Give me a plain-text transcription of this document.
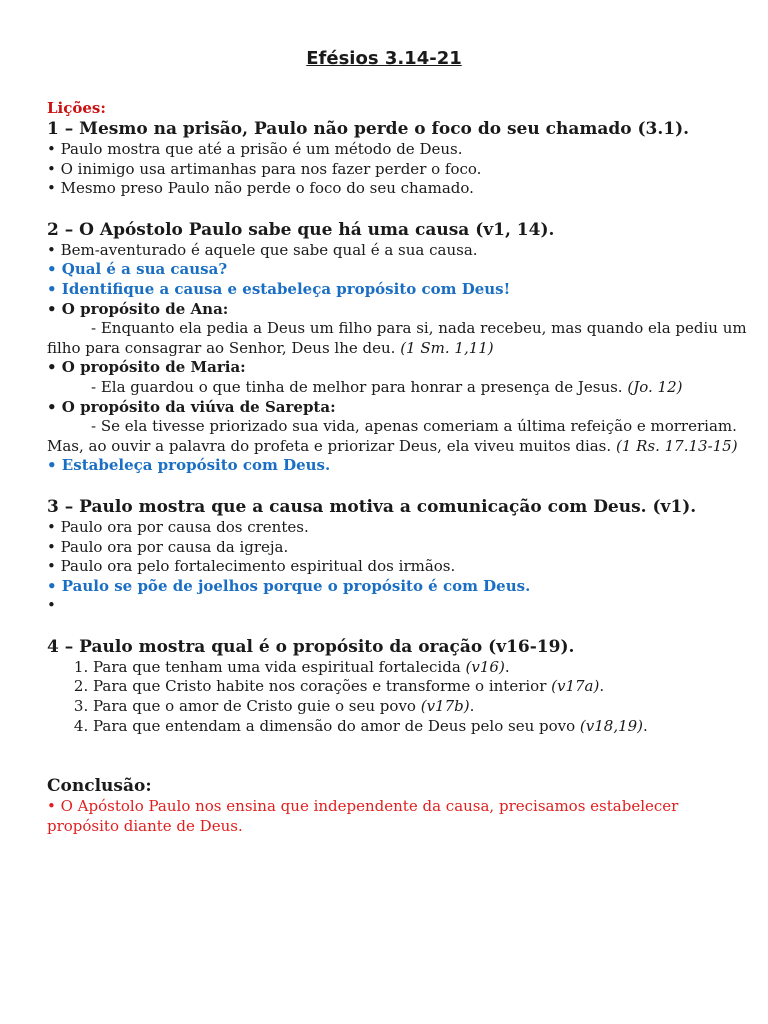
Efésios 3.14-21
Lições:
1 – Mesmo na prisão, Paulo não perde o foco do seu chamado (3.1).
• Paulo mostra que até a prisão é um método de Deus.
• O inimigo usa artimanhas para nos fazer perder o foco.
• Mesmo preso Paulo não perde o foco do seu chamado.
2 – O Apóstolo Paulo sabe que há uma causa (v1, 14).
• Bem-aventurado é aquele que sabe qual é a sua causa.
• Qual é a sua causa?
• Identifique a causa e estabeleça propósito com Deus!
• O propósito de Ana:
- Enquanto ela pedia a Deus um filho para si, nada recebeu, mas quando ela pediu um
filho para consagrar ao Senhor, Deus lhe deu. (1 Sm. 1,11)
• O propósito de Maria:
- Ela guardou o que tinha de melhor para honrar a presença de Jesus. (Jo. 12)
• O propósito da viúva de Sarepta:
- Se ela tivesse priorizado sua vida, apenas comeriam a última refeição e morreriam.
Mas, ao ouvir a palavra do profeta e priorizar Deus, ela viveu muitos dias. (1 Rs. 17.13-15)
• Estabeleça propósito com Deus.
3 – Paulo mostra que a causa motiva a comunicação com Deus. (v1).
• Paulo ora por causa dos crentes.
• Paulo ora por causa da igreja.
• Paulo ora pelo fortalecimento espiritual dos irmãos.
• Paulo se põe de joelhos porque o propósito é com Deus.
•
4 – Paulo mostra qual é o propósito da oração (v16-19).
1. Para que tenham uma vida espiritual fortalecida (v16).
2. Para que Cristo habite nos corações e transforme o interior (v17a).
3. Para que o amor de Cristo guie o seu povo (v17b).
4. Para que entendam a dimensão do amor de Deus pelo seu povo (v18,19).
Conclusão:
• O Apóstolo Paulo nos ensina que independente da causa, precisamos estabelecer propósito diante de Deus.
